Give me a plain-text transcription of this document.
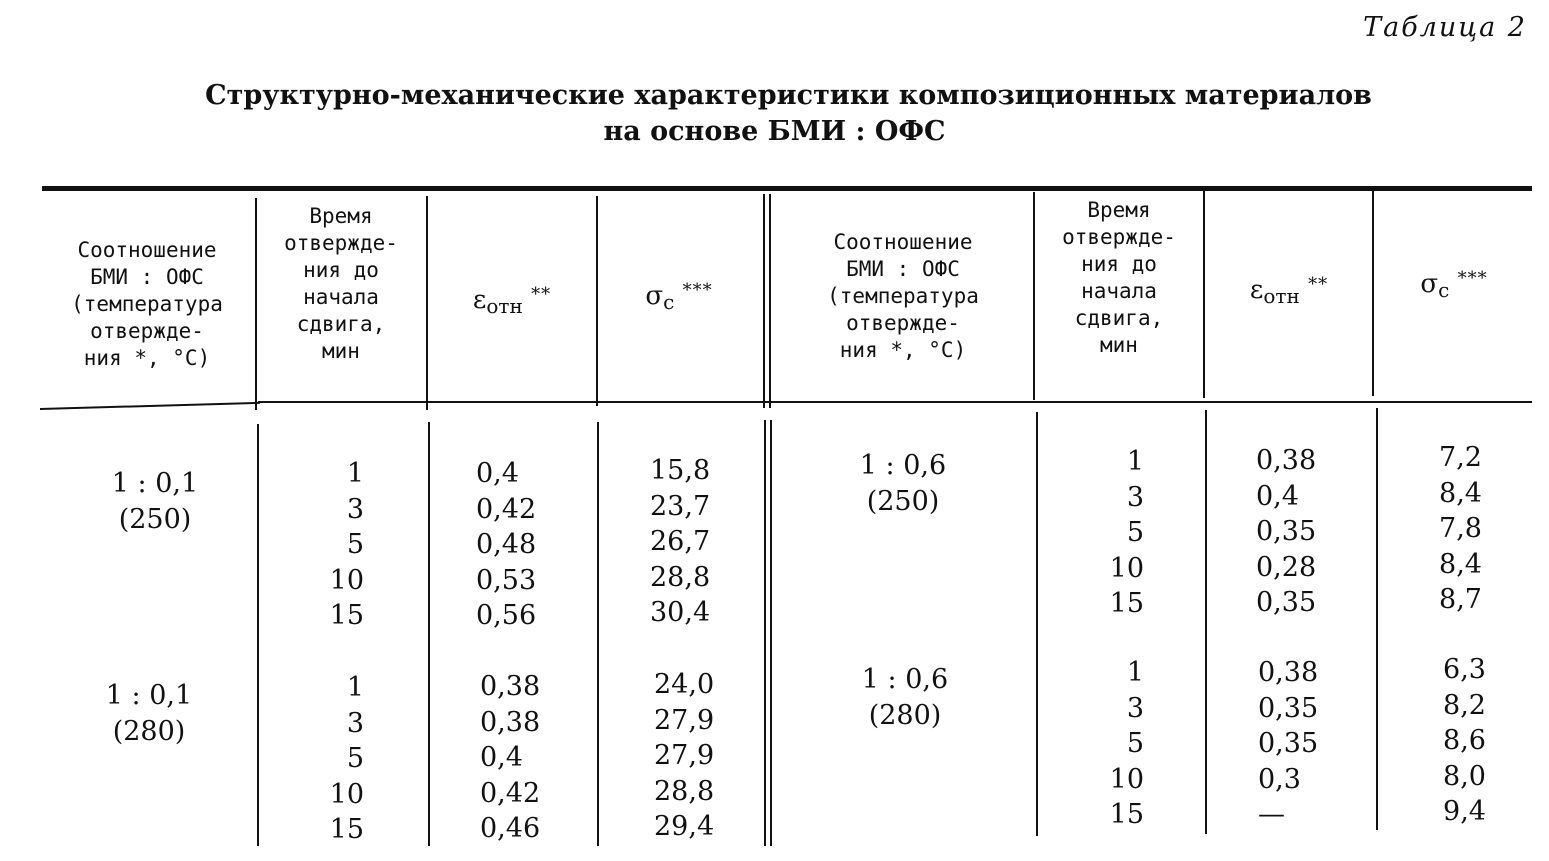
Таблица 2
Структурно-механические характеристики композиционных материалов
на основе БМИ : ОФС
Соотношение
БМИ : ОФС
(температура
отвержде-
ния *, °С)
Время
отвержде-
ния до
начала
сдвига,
мин
$\varepsilon_{отн}$ **	$\sigma_с$ ***
Соотношение
БМИ : ОФС
(температура
отвержде-
ния *, °С)
Время
отвержде-
ния до
начала
сдвига,
мин
$\varepsilon_{отн}$ **	$\sigma_с$ ***
1 : 0,1
(250)
1
3
5
10
15
0,4
0,42
0,48
0,53
0,56
15,8
23,7
26,7
28,8
30,4
1 : 0,1
(280)
1
3
5
10
15
0,38
0,38
0,4
0,42
0,46
24,0
27,9
27,9
28,8
29,4
1 : 0,6
(250)
1
3
5
10
15
0,38
0,4
0,35
0,28
0,35
7,2
8,4
7,8
8,4
8,7
1 : 0,6
(280)
1
3
5
10
15
0,38
0,35
0,35
0,3
—
6,3
8,2
8,6
8,0
9,4
